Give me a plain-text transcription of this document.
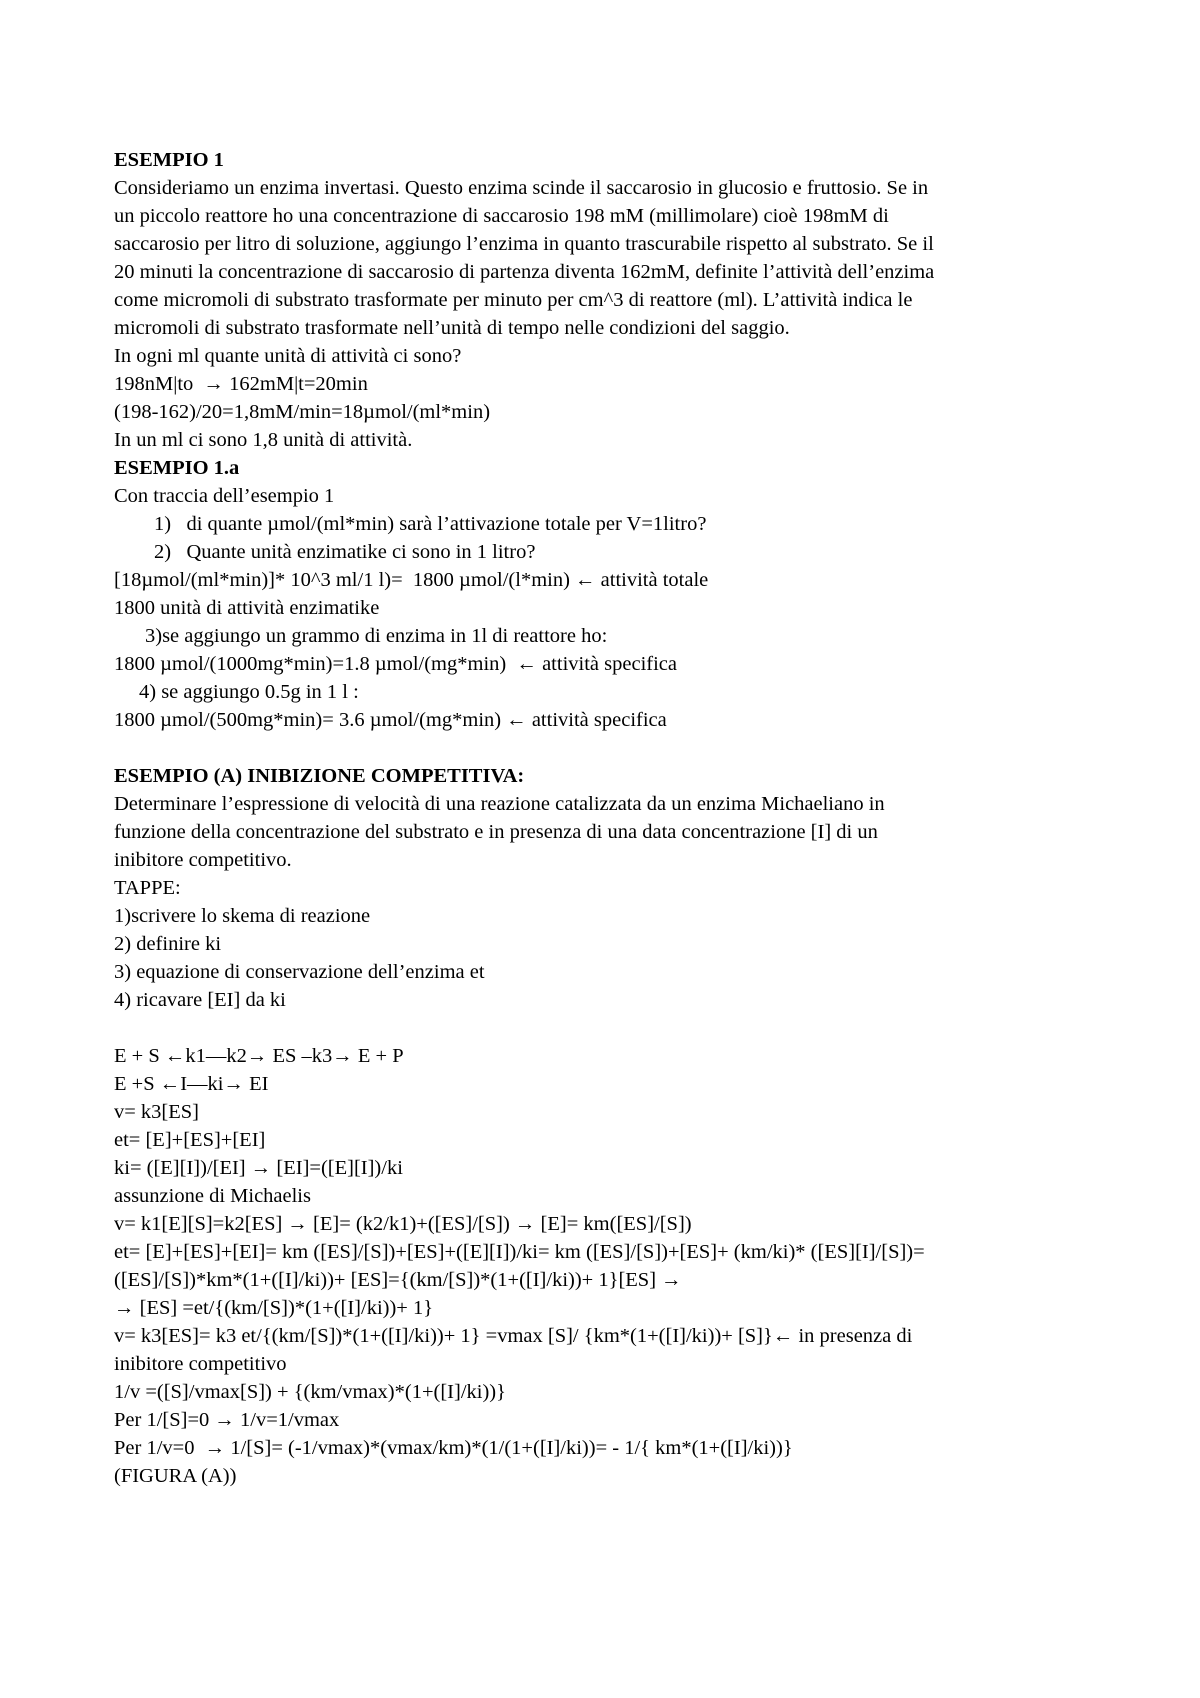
ESEMPIO 1
Consideriamo un enzima invertasi. Questo enzima scinde il saccarosio in glucosio e fruttosio. Se in
un piccolo reattore ho una concentrazione di saccarosio 198 mM (millimolare) cioè 198mM di
saccarosio per litro di soluzione, aggiungo l’enzima in quanto trascurabile rispetto al substrato. Se il
20 minuti la concentrazione di saccarosio di partenza diventa 162mM, definite l’attività dell’enzima
come micromoli di substrato trasformate per minuto per cm^3 di reattore (ml). L’attività indica le
micromoli di substrato trasformate nell’unità di tempo nelle condizioni del saggio.
In ogni ml quante unità di attività ci sono?
198nM|to  → 162mM|t=20min
(198-162)/20=1,8mM/min=18µmol/(ml*min)
In un ml ci sono 1,8 unità di attività.
ESEMPIO 1.a
Con traccia dell’esempio 1
1)   di quante µmol/(ml*min) sarà l’attivazione totale per V=1litro?
2)   Quante unità enzimatike ci sono in 1 litro?
[18µmol/(ml*min)]* 10^3 ml/1 l)=  1800 µmol/(l*min) ← attività totale
1800 unità di attività enzimatike
3)se aggiungo un grammo di enzima in 1l di reattore ho:
1800 µmol/(1000mg*min)=1.8 µmol/(mg*min)  ← attività specifica
4) se aggiungo 0.5g in 1 l :
1800 µmol/(500mg*min)= 3.6 µmol/(mg*min) ← attività specifica
ESEMPIO (A) INIBIZIONE COMPETITIVA:
Determinare l’espressione di velocità di una reazione catalizzata da un enzima Michaeliano in
funzione della concentrazione del substrato e in presenza di una data concentrazione [I] di un
inibitore competitivo.
TAPPE:
1)scrivere lo skema di reazione
2) definire ki
3) equazione di conservazione dell’enzima et
4) ricavare [EI] da ki
E + S ←k1—k2→ ES –k3→ E + P
E +S ←I—ki→ EI
v= k3[ES]
et= [E]+[ES]+[EI]
ki= ([E][I])/[EI] → [EI]=([E][I])/ki
assunzione di Michaelis
v= k1[E][S]=k2[ES] → [E]= (k2/k1)+([ES]/[S]) → [E]= km([ES]/[S])
et= [E]+[ES]+[EI]= km ([ES]/[S])+[ES]+([E][I])/ki= km ([ES]/[S])+[ES]+ (km/ki)* ([ES][I]/[S])=
([ES]/[S])*km*(1+([I]/ki))+ [ES]={(km/[S])*(1+([I]/ki))+ 1}[ES] →
→ [ES] =et/{(km/[S])*(1+([I]/ki))+ 1}
v= k3[ES]= k3 et/{(km/[S])*(1+([I]/ki))+ 1} =vmax [S]/ {km*(1+([I]/ki))+ [S]}← in presenza di
inibitore competitivo
1/v =([S]/vmax[S]) + {(km/vmax)*(1+([I]/ki))}
Per 1/[S]=0 → 1/v=1/vmax
Per 1/v=0  → 1/[S]= (-1/vmax)*(vmax/km)*(1/(1+([I]/ki))= - 1/{ km*(1+([I]/ki))}
(FIGURA (A))
